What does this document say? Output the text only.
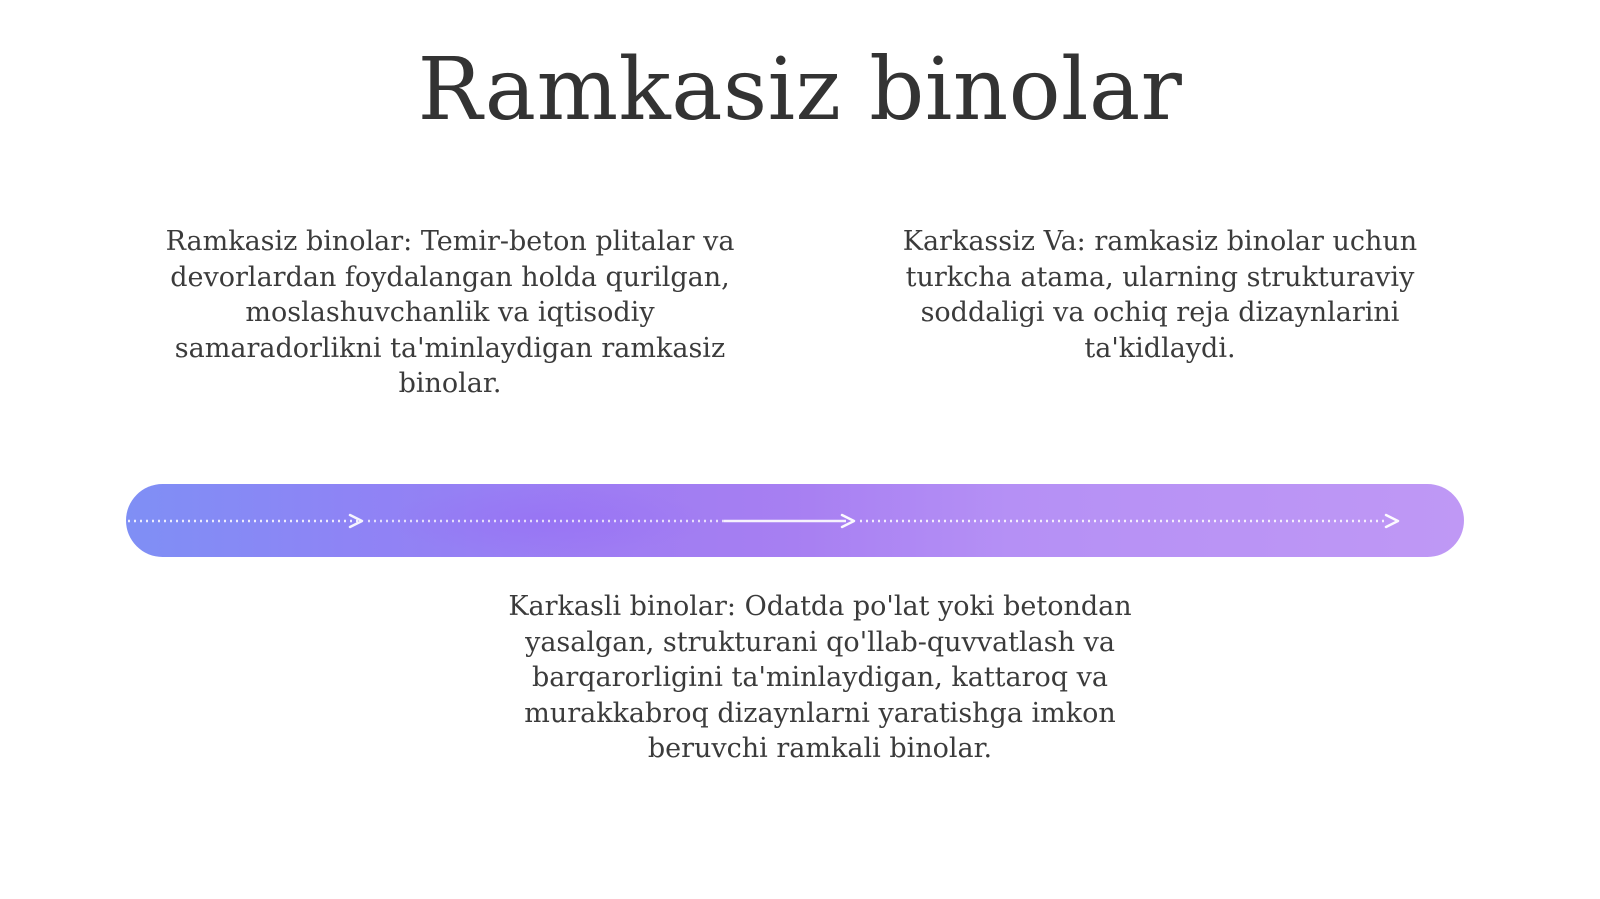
Ramkasiz binolar

Ramkasiz binolar: Temir-beton plitalar va devorlardan foydalangan holda qurilgan, moslashuvchanlik va iqtisodiy samaradorlikni ta'minlaydigan ramkasiz binolar.

Karkassiz Va: ramkasiz binolar uchun turkcha atama, ularning strukturaviy soddaligi va ochiq reja dizaynlarini ta'kidlaydi.

Karkasli binolar: Odatda po'lat yoki betondan yasalgan, strukturani qo'llab-quvvatlash va barqarorligini ta'minlaydigan, kattaroq va murakkabroq dizaynlarni yaratishga imkon beruvchi ramkali binolar.
